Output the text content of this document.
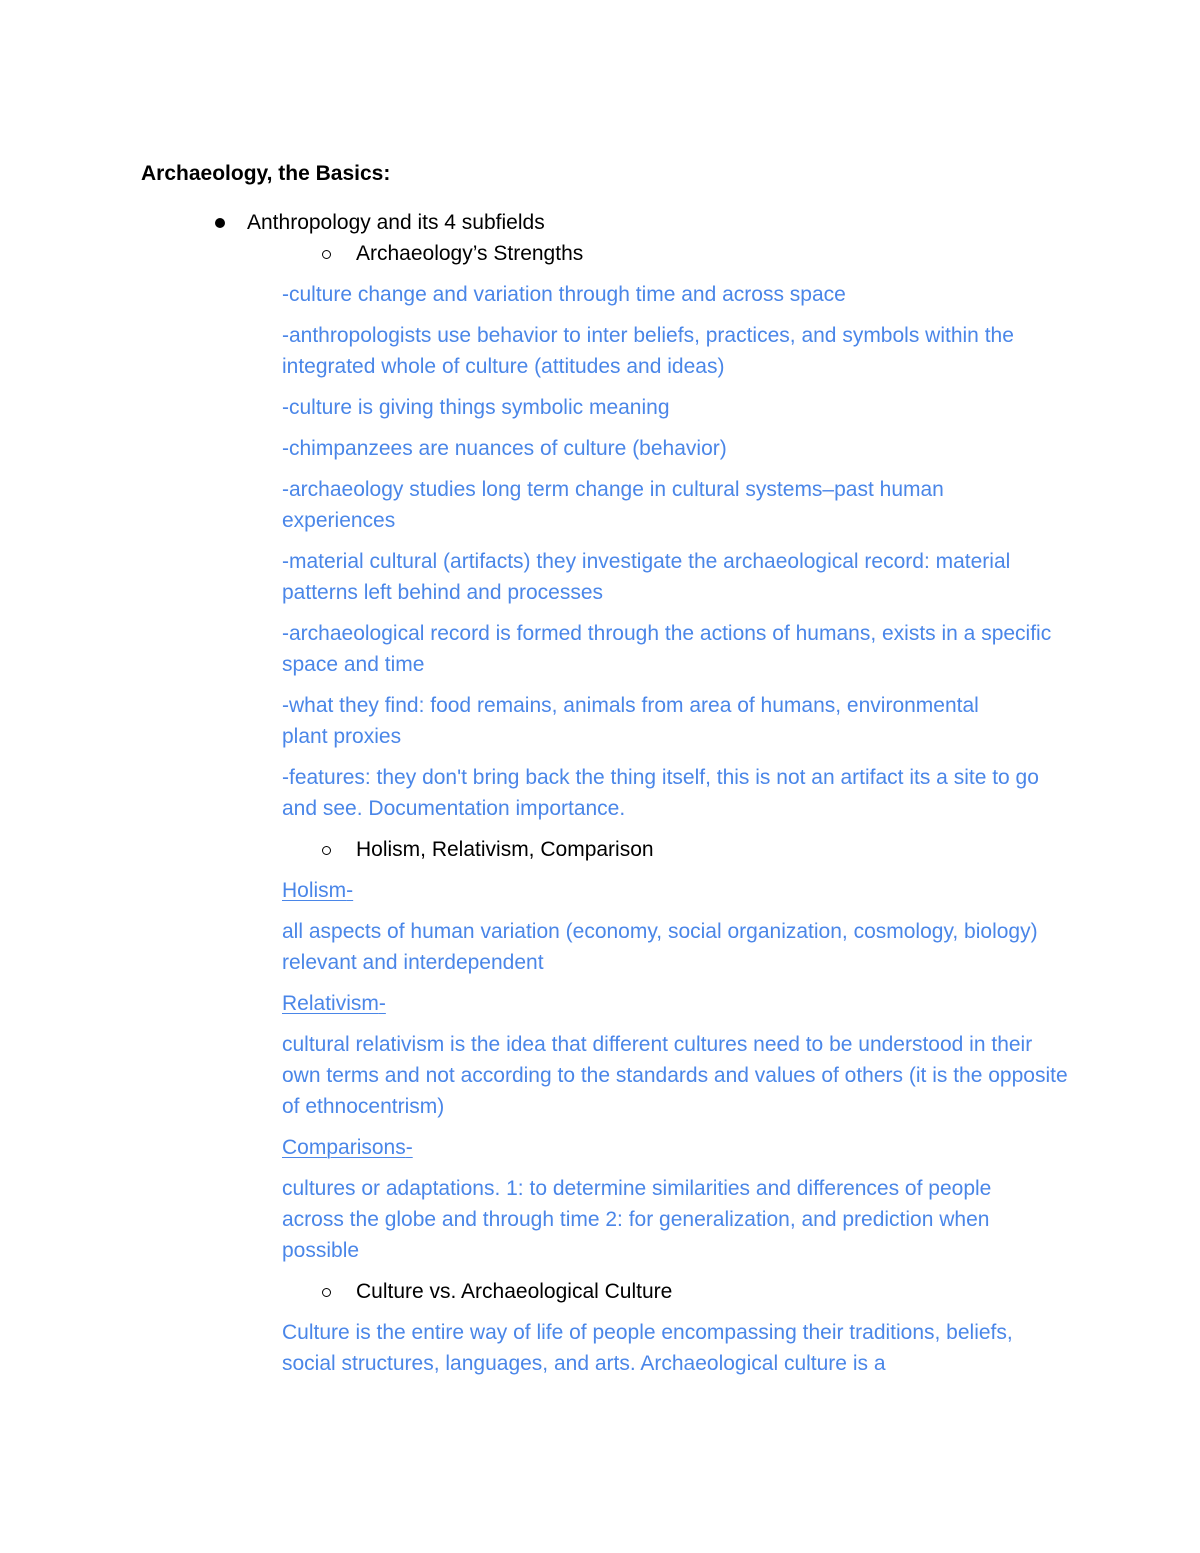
Archaeology, the Basics:
Anthropology and its 4 subfields
Archaeology’s Strengths
-culture change and variation through time and across space
-anthropologists use behavior to inter beliefs, practices, and symbols within the integrated whole of culture (attitudes and ideas)
-culture is giving things symbolic meaning
-chimpanzees are nuances of culture (behavior)
-archaeology studies long term change in cultural systems–past human experiences
-material cultural (artifacts) they investigate the archaeological record: material patterns left behind and processes
-archaeological record is formed through the actions of humans, exists in a specific space and time
-what they find: food remains, animals from area of humans, environmental plant proxies
-features: they don't bring back the thing itself, this is not an artifact its a site to go and see. Documentation importance.
Holism, Relativism, Comparison
Holism-
all aspects of human variation (economy, social organization, cosmology, biology) relevant and interdependent
Relativism-
cultural relativism is the idea that different cultures need to be understood in their own terms and not according to the standards and values of others (it is the opposite of ethnocentrism)
Comparisons-
cultures or adaptations. 1: to determine similarities and differences of people across the globe and through time 2: for generalization, and prediction when possible
Culture vs. Archaeological Culture
Culture is the entire way of life of people encompassing their traditions, beliefs, social structures, languages, and arts. Archaeological culture is a
